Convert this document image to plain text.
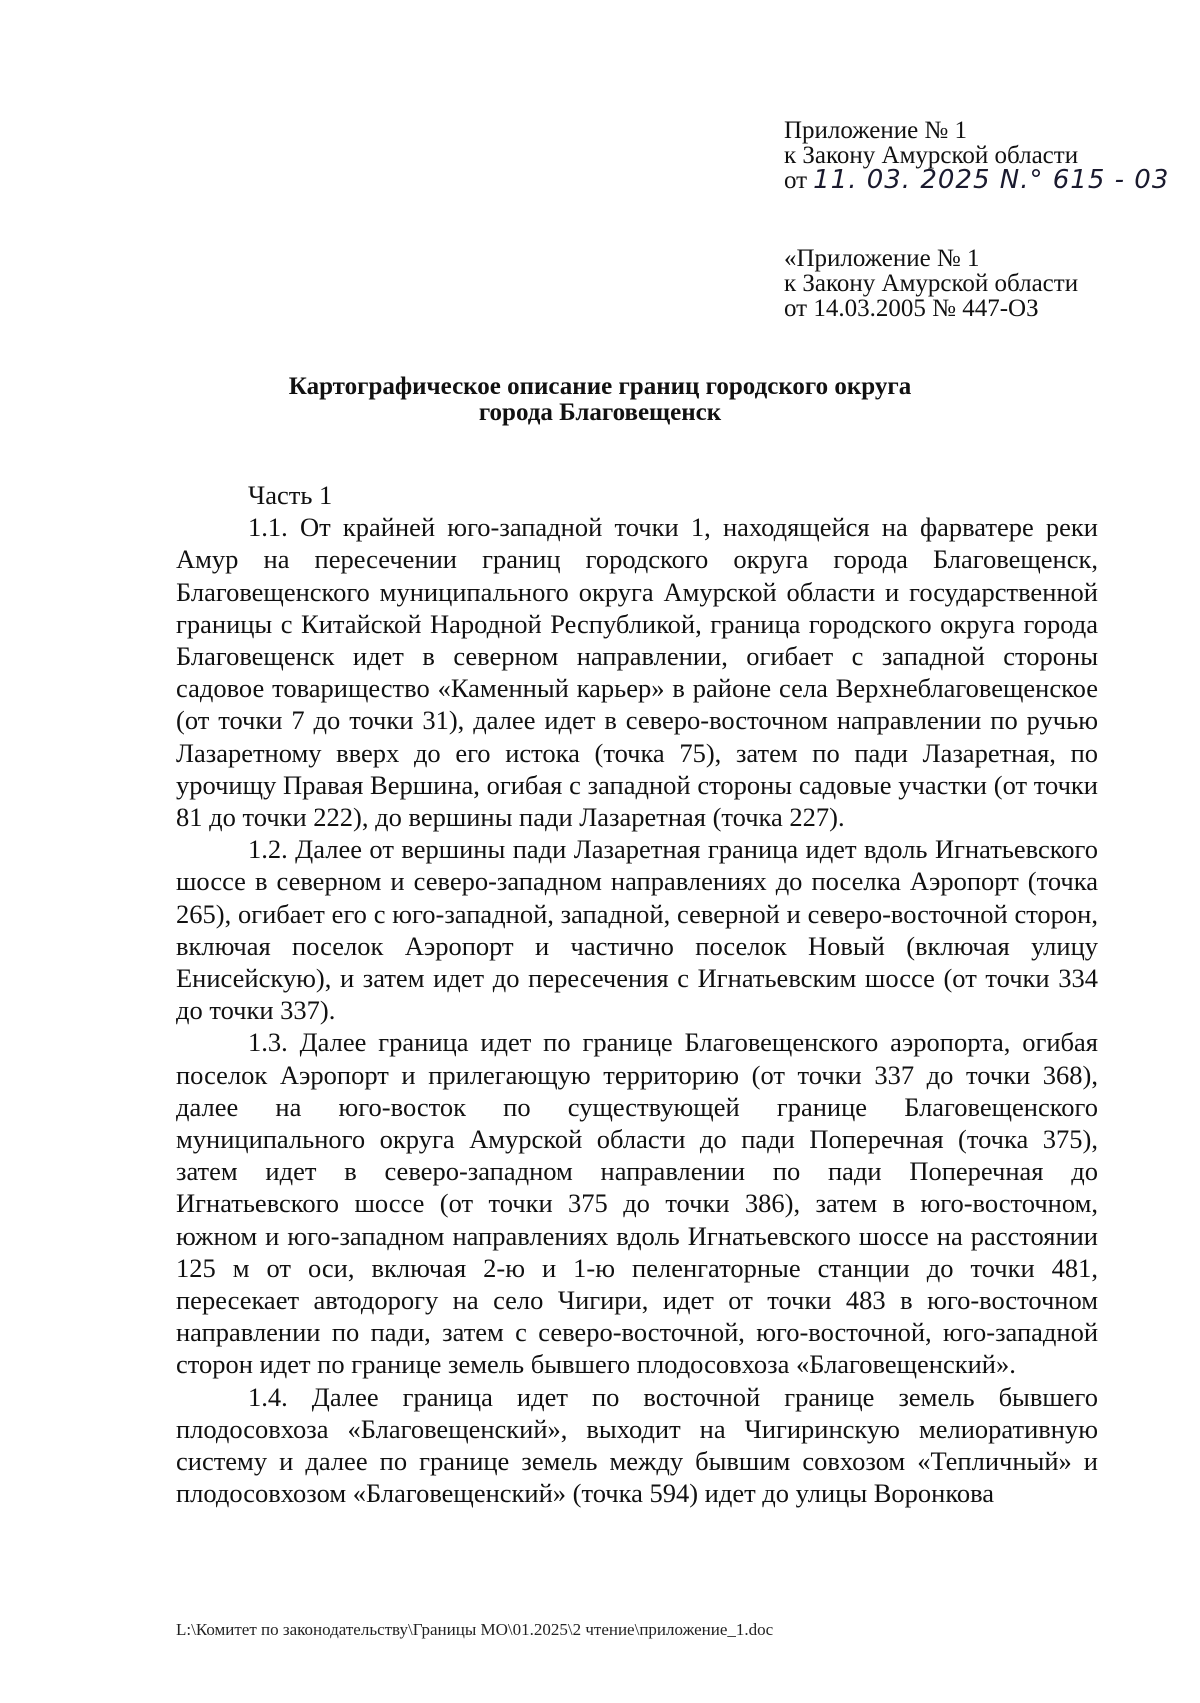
Приложение № 1
к Закону Амурской области
от 11. 03. 2025 N.° 615 - 03
«Приложение № 1
к Закону Амурской области
от 14.03.2005 № 447-ОЗ
Картографическое описание границ городского округа
города Благовещенск

Часть 1

1.1. От крайней юго-западной точки 1, находящейся на фарватере реки Амур на пересечении границ городского округа города Благовещенск, Благовещенского муниципального округа Амурской области и государственной границы с Китайской Народной Республикой, граница городского округа города Благовещенск идет в северном направлении, огибает с западной стороны садовое товарищество «Каменный карьер» в районе села Верхнеблаговещенское (от точки 7 до точки 31), далее идет в северо-восточном направлении по ручью Лазаретному вверх до его истока (точка 75), затем по пади Лазаретная, по урочищу Правая Вершина, огибая с западной стороны садовые участки (от точки 81 до точки 222), до вершины пади Лазаретная (точка 227).

1.2. Далее от вершины пади Лазаретная граница идет вдоль Игнатьевского шоссе в северном и северо-западном направлениях до поселка Аэропорт (точка 265), огибает его с юго-западной, западной, северной и северо-восточной сторон, включая поселок Аэропорт и частично поселок Новый (включая улицу Енисейскую), и затем идет до пересечения с Игнатьевским шоссе (от точки 334 до точки 337).

1.3. Далее граница идет по границе Благовещенского аэропорта, огибая поселок Аэропорт и прилегающую территорию (от точки 337 до точки 368), далее на юго-восток по существующей границе Благовещенского муниципального округа Амурской области до пади Поперечная (точка 375), затем идет в северо-западном направлении по пади Поперечная до Игнатьевского шоссе (от точки 375 до точки 386), затем в юго-восточном, южном и юго-западном направлениях вдоль Игнатьевского шоссе на расстоянии 125 м от оси, включая 2-ю и 1-ю пеленгаторные станции до точки 481, пересекает автодорогу на село Чигири, идет от точки 483 в юго-восточном направлении по пади, затем с северо-восточной, юго-восточной, юго-западной сторон идет по границе земель бывшего плодосовхоза «Благовещенский».

1.4. Далее граница идет по восточной границе земель бывшего плодосовхоза «Благовещенский», выходит на Чигиринскую мелиоративную систему и далее по границе земель между бывшим совхозом «Тепличный» и плодосовхозом «Благовещенский» (точка 594) идет до улицы Воронкова

L:\Комитет по законодательству\Границы МО\01.2025\2 чтение\приложение_1.doc
